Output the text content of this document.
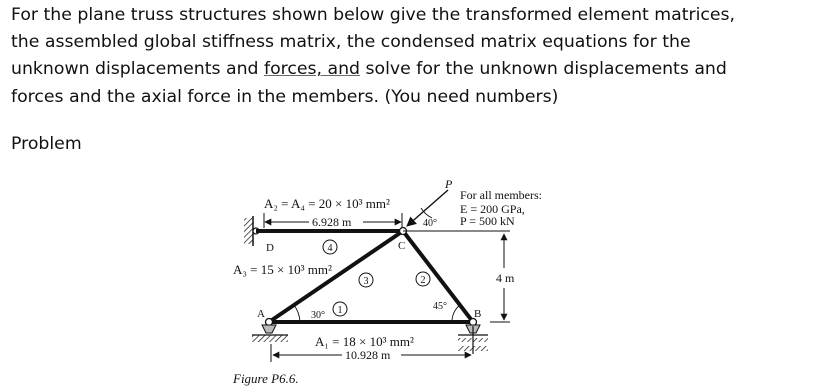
For the plane truss structures shown below give the transformed element matrices,

the assembled global stiffness matrix, the condensed matrix equations for the

unknown displacements and forces, and solve for the unknown displacements and

forces and the axial force in the members. (You need numbers)

Problem
A₂ = A₄ = 20 × 10³ mm²
6.928 m
D
A₃ = 15 × 10³ mm²
A
C
B
40°
30°
45°
P
For all members:
E = 200 GPa,
P = 500 kN
4 m
A₁ = 18 × 10³ mm²
10.928 m
Figure P6.6.
4
3	2
1
